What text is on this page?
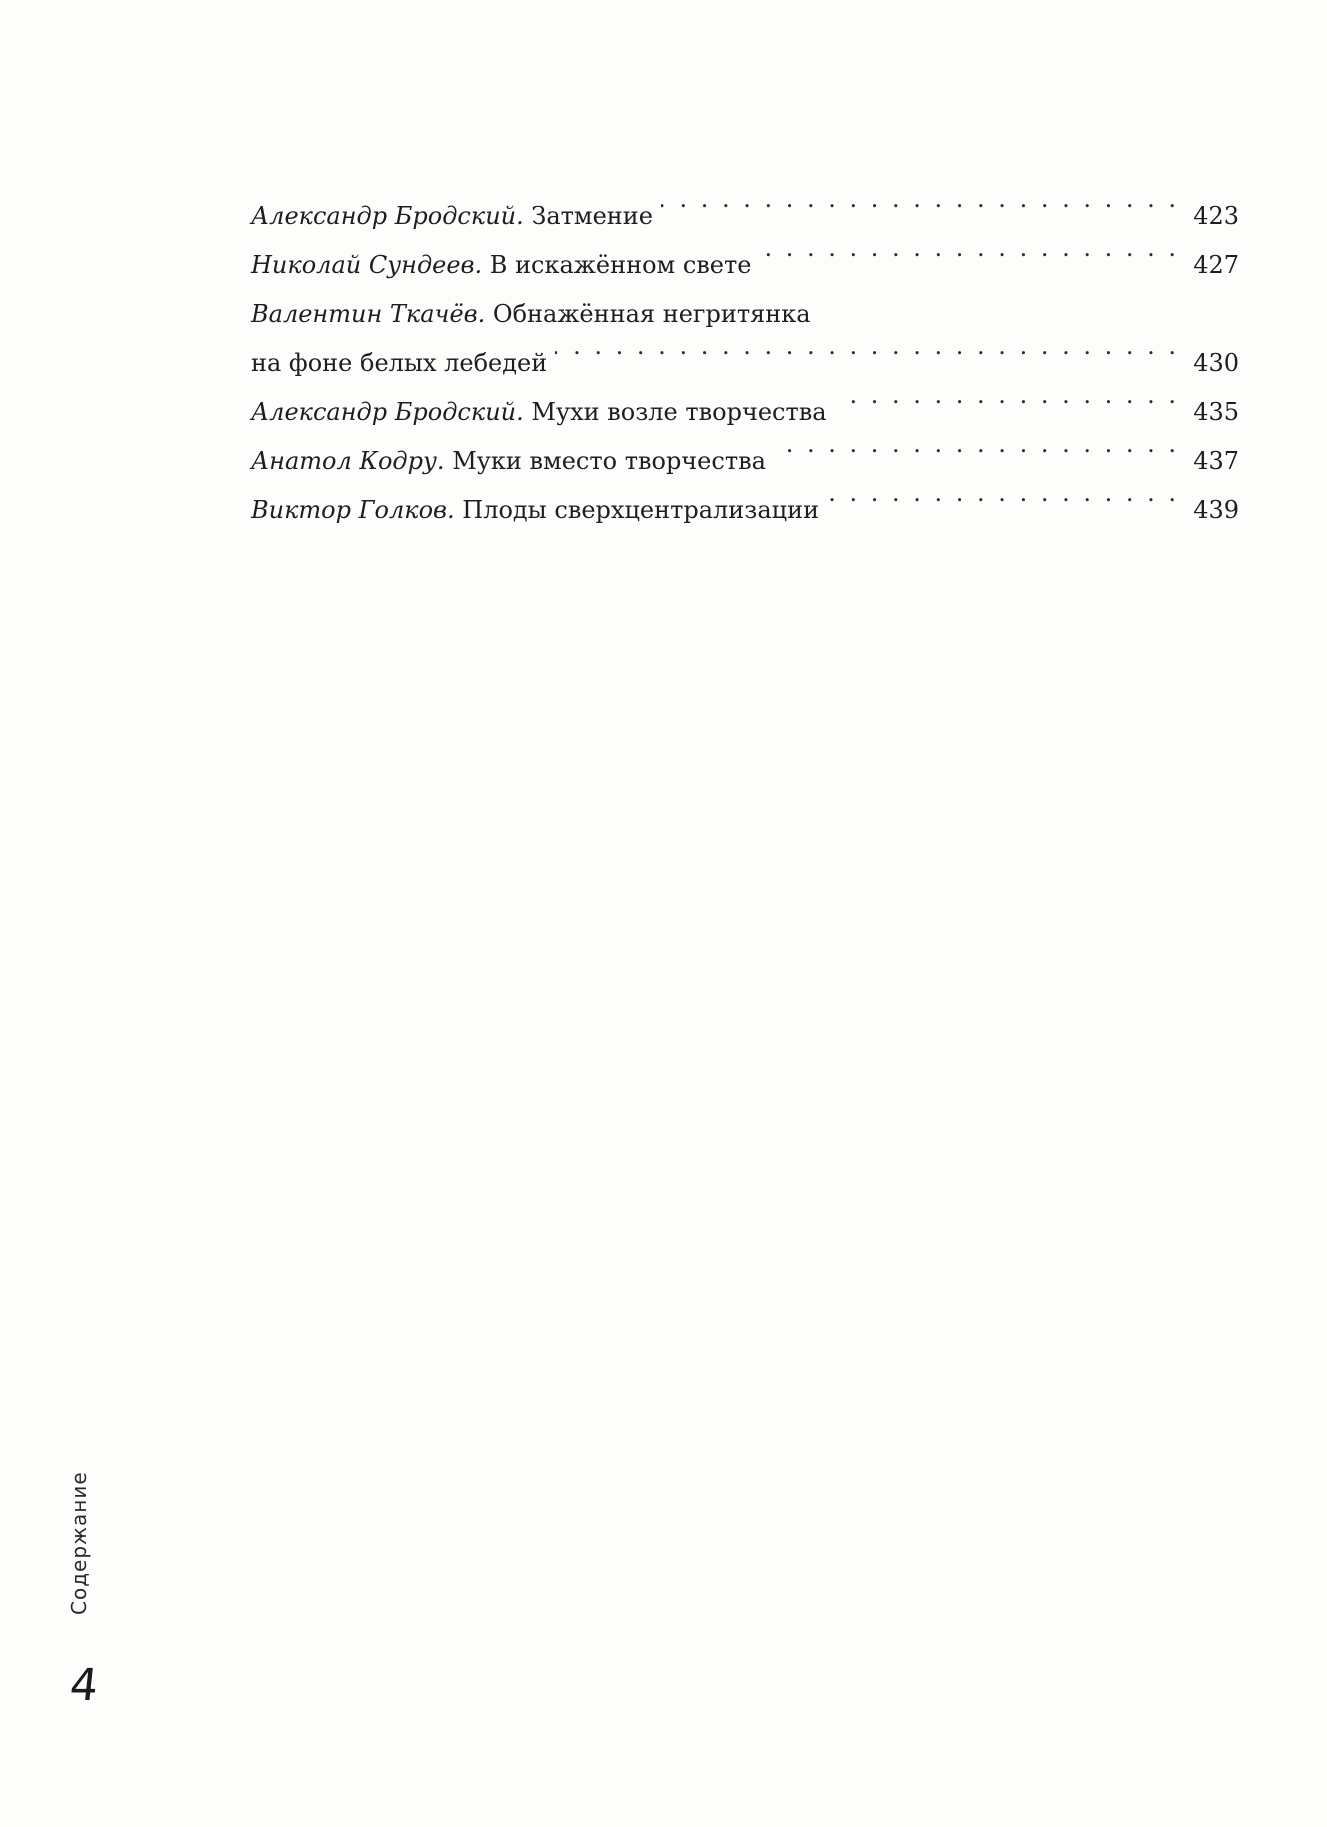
Александр Бродский.
Затмение . . .	423
Николай Сундеев.
В искажённом свете . . .	427
Валентин Ткачёв.
Обнажённая негритянка
на фоне белых лебедей . . .	430
Александр Бродский.
Мухи возле творчества . . .	435
Анатол Кодру.
Муки вместо творчества . . .	437
Виктор Голков.
Плоды сверхцентрализации . . .	439
Содержание
4
